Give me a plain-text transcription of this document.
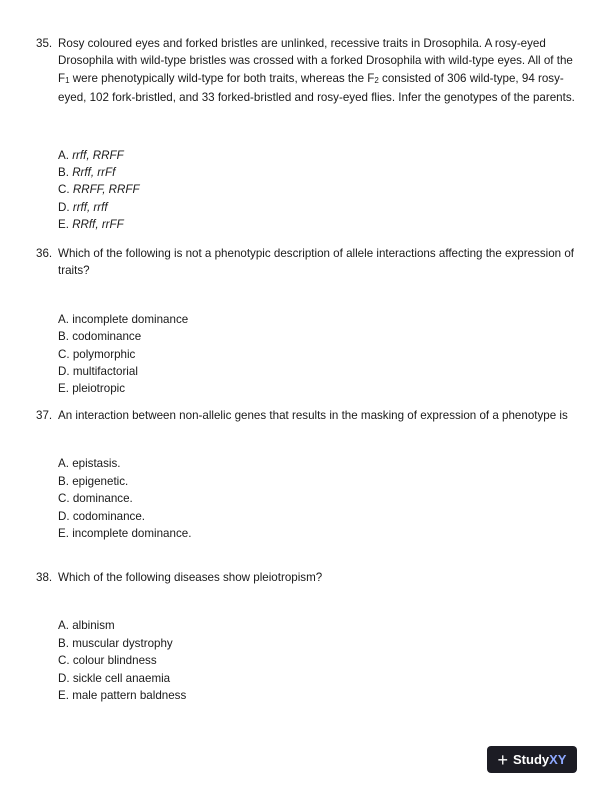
35. Rosy coloured eyes and forked bristles are unlinked, recessive traits in Drosophila. A rosy-eyed Drosophila with wild-type bristles was crossed with a forked Drosophila with wild-type eyes. All of the F1 were phenotypically wild-type for both traits, whereas the F2 consisted of 306 wild-type, 94 rosy-eyed, 102 fork-bristled, and 33 forked-bristled and rosy-eyed flies. Infer the genotypes of the parents.
A. rrff, RRFF
B. Rrff, rrFf
C. RRFF, RRFF
D. rrff, rrff
E. RRff, rrFF
36. Which of the following is not a phenotypic description of allele interactions affecting the expression of traits?
A. incomplete dominance
B. codominance
C. polymorphic
D. multifactorial
E. pleiotropic
37. An interaction between non-allelic genes that results in the masking of expression of a phenotype is
A. epistasis.
B. epigenetic.
C. dominance.
D. codominance.
E. incomplete dominance.
38. Which of the following diseases show pleiotropism?
A. albinism
B. muscular dystrophy
C. colour blindness
D. sickle cell anaemia
E. male pattern baldness
+ StudyXY
